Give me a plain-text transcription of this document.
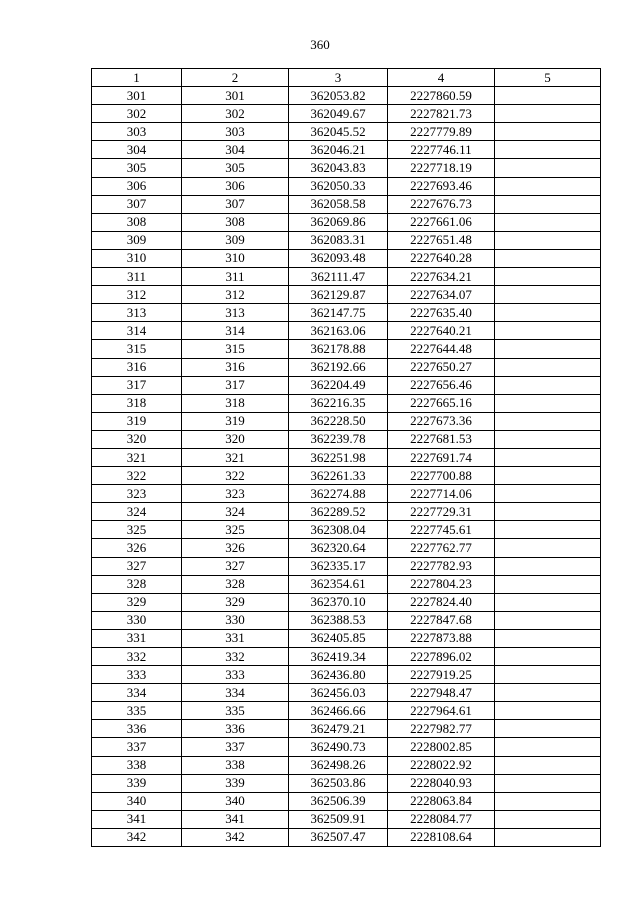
360
1	2	3	4	5
301	301	362053.82	2227860.59	
302	302	362049.67	2227821.73	
303	303	362045.52	2227779.89	
304	304	362046.21	2227746.11	
305	305	362043.83	2227718.19	
306	306	362050.33	2227693.46	
307	307	362058.58	2227676.73	
308	308	362069.86	2227661.06	
309	309	362083.31	2227651.48	
310	310	362093.48	2227640.28	
311	311	362111.47	2227634.21	
312	312	362129.87	2227634.07	
313	313	362147.75	2227635.40	
314	314	362163.06	2227640.21	
315	315	362178.88	2227644.48	
316	316	362192.66	2227650.27	
317	317	362204.49	2227656.46	
318	318	362216.35	2227665.16	
319	319	362228.50	2227673.36	
320	320	362239.78	2227681.53	
321	321	362251.98	2227691.74	
322	322	362261.33	2227700.88	
323	323	362274.88	2227714.06	
324	324	362289.52	2227729.31	
325	325	362308.04	2227745.61	
326	326	362320.64	2227762.77	
327	327	362335.17	2227782.93	
328	328	362354.61	2227804.23	
329	329	362370.10	2227824.40	
330	330	362388.53	2227847.68	
331	331	362405.85	2227873.88	
332	332	362419.34	2227896.02	
333	333	362436.80	2227919.25	
334	334	362456.03	2227948.47	
335	335	362466.66	2227964.61	
336	336	362479.21	2227982.77	
337	337	362490.73	2228002.85	
338	338	362498.26	2228022.92	
339	339	362503.86	2228040.93	
340	340	362506.39	2228063.84	
341	341	362509.91	2228084.77	
342	342	362507.47	2228108.64	
